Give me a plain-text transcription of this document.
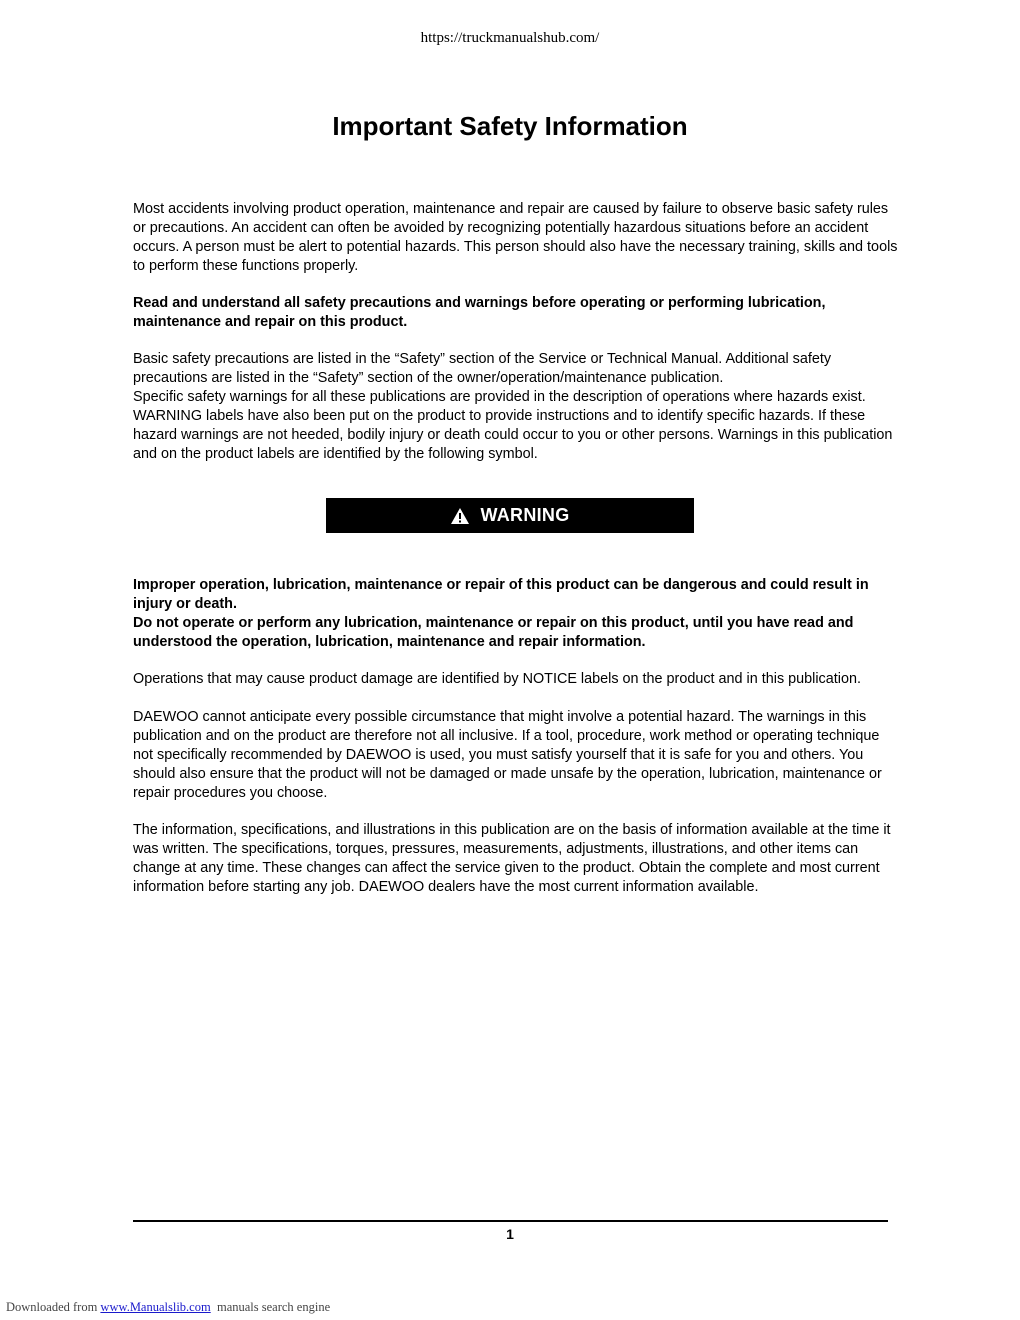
https://truckmanualshub.com/
Important Safety Information

Most accidents involving product operation, maintenance and repair are caused by failure to observe basic safety rules or precautions. An accident can often be avoided by recognizing potentially hazardous situations before an accident occurs. A person must be alert to potential hazards. This person should also have the necessary training, skills and tools to perform these functions properly.

Read and understand all safety precautions and warnings before operating or performing lubrication, maintenance and repair on this product.

Basic safety precautions are listed in the “Safety” section of the Service or Technical Manual. Additional safety precautions are listed in the “Safety” section of the owner/operation/maintenance publication.
Specific safety warnings for all these publications are provided in the description of operations where hazards exist. WARNING labels have also been put on the product to provide instructions and to identify specific hazards. If these hazard warnings are not heeded, bodily injury or death could occur to you or other persons. Warnings in this publication and on the product labels are identified by the following symbol.

WARNING

Improper operation, lubrication, maintenance or repair of this product can be dangerous and could result in injury or death.
Do not operate or perform any lubrication, maintenance or repair on this product, until you have read and understood the operation, lubrication, maintenance and repair information.

Operations that may cause product damage are identified by NOTICE labels on the product and in this publication.

DAEWOO cannot anticipate every possible circumstance that might involve a potential hazard. The warnings in this publication and on the product are therefore not all inclusive. If a tool, procedure, work method or operating technique not specifically recommended by DAEWOO is used, you must satisfy yourself that it is safe for you and others. You should also ensure that the product will not be damaged or made unsafe by the operation, lubrication, maintenance or repair procedures you choose.

The information, specifications, and illustrations in this publication are on the basis of information available at the time it was written. The specifications, torques, pressures, measurements, adjustments, illustrations, and other items can change at any time. These changes can affect the service given to the product. Obtain the complete and most current information before starting any job. DAEWOO dealers have the most current information available.

1
Downloaded from www.Manualslib.com manuals search engine
